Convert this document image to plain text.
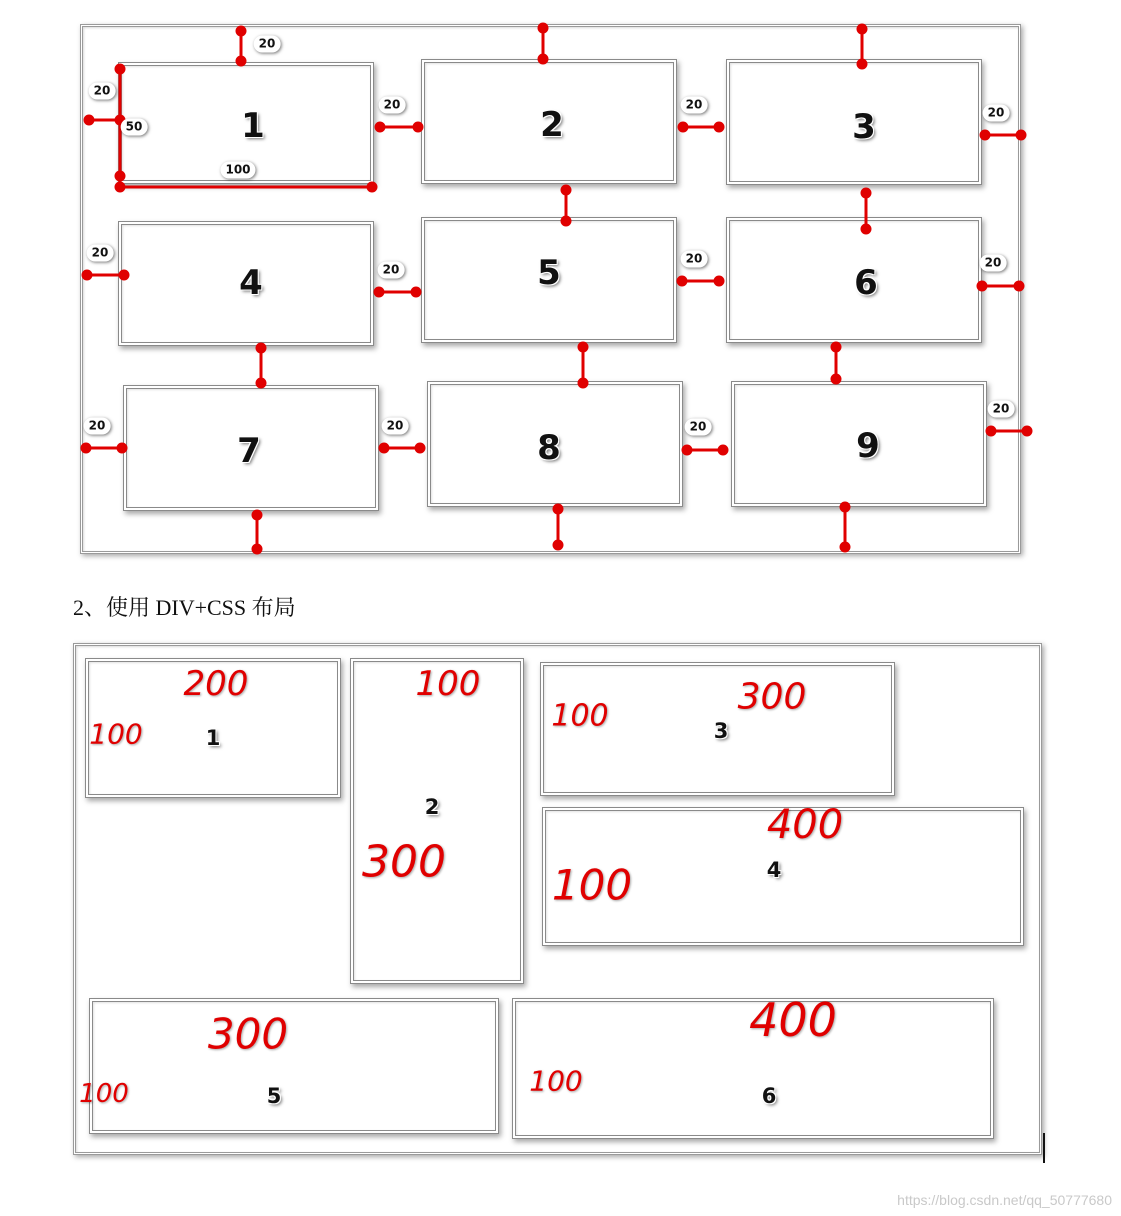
1	2	3
4	5	6
7	8	9
20
20
50
100
20	20
20
20
20
20	20
20	20	20
20
2、使用 DIV+CSS 布局
1
2
3
4
5	6
200
100
100
300
300
100
400
100
300
100
400
100
https://blog.csdn.net/qq_50777680
